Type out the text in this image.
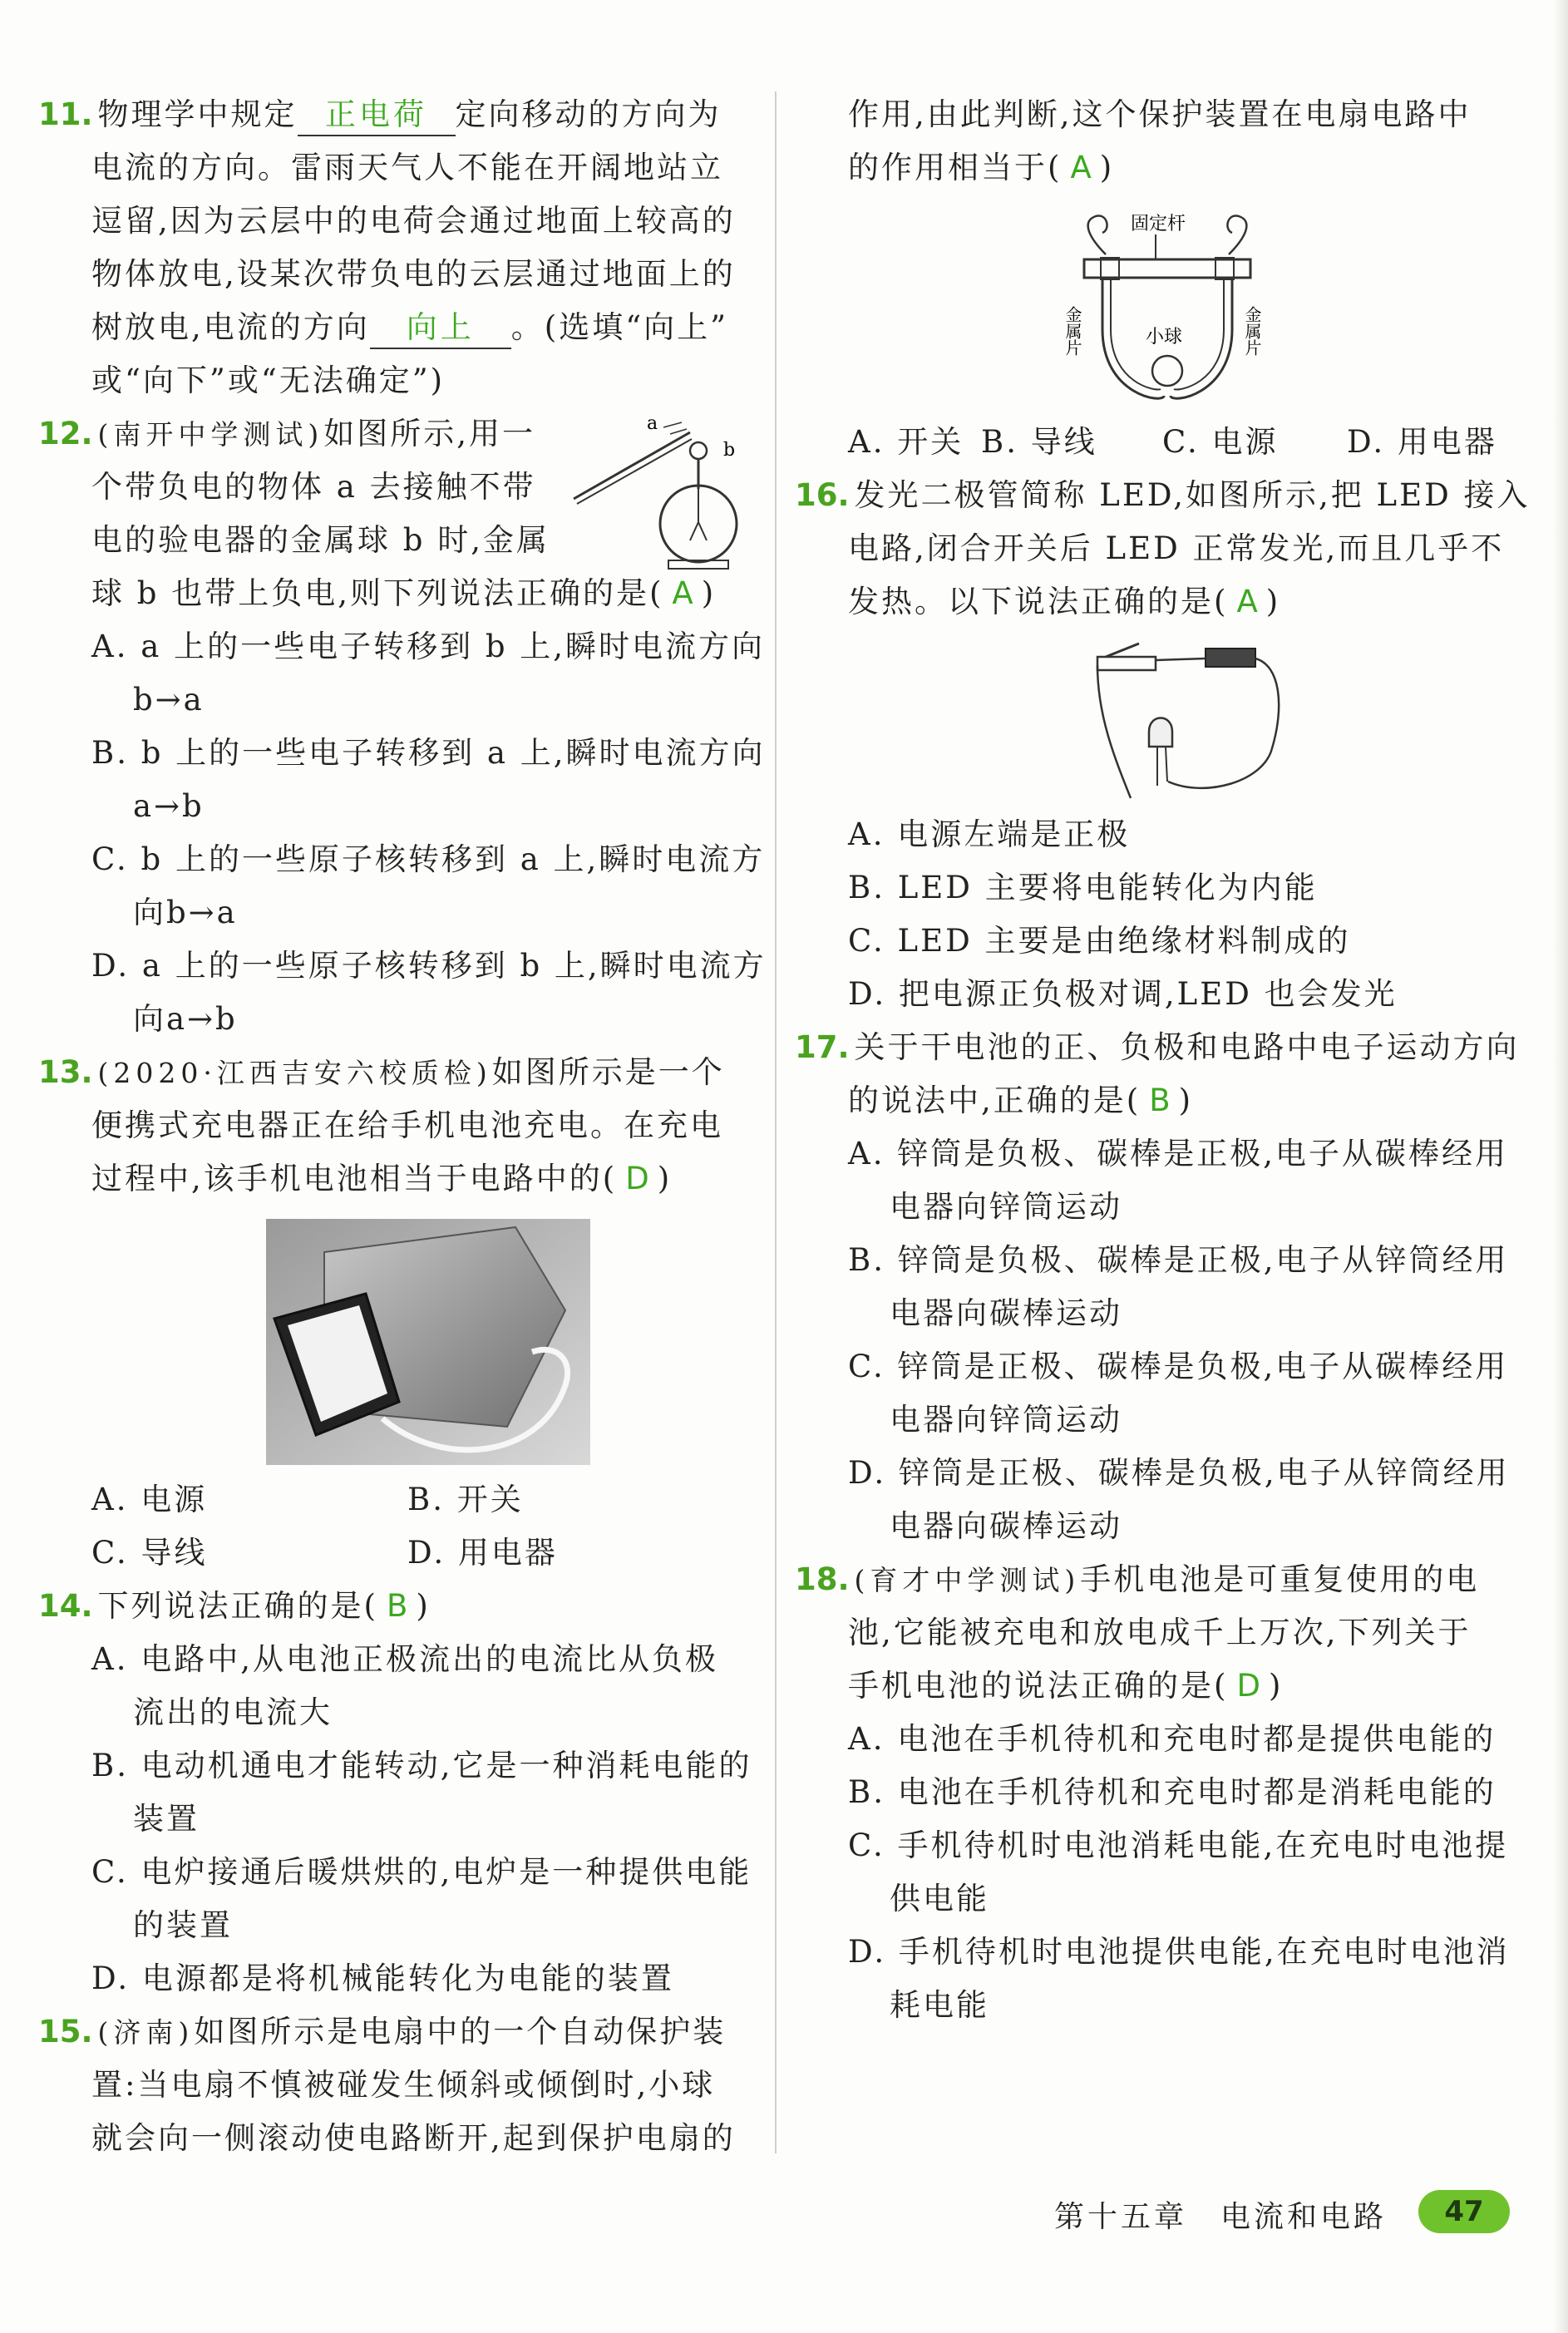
11. 物理学中规定 正电荷 定向移动的方向为
电流的方向。雷雨天气人不能在开阔地站立
逗留,因为云层中的电荷会通过地面上较高的
物体放电,设某次带负电的云层通过地面上的
树放电,电流的方向 向上 。(选填“向上”
或“向下”或“无法确定”)
12. (南开中学测试)如图所示,用一
个带负电的物体 a 去接触不带
电的验电器的金属球 b 时,金属
球 b 也带上负电,则下列说法正确的是( A )
a
b
A. a 上的一些电子转移到 b 上,瞬时电流方向
b→a
B. b 上的一些电子转移到 a 上,瞬时电流方向
a→b
C. b 上的一些原子核转移到 a 上,瞬时电流方
向b→a
D. a 上的一些原子核转移到 b 上,瞬时电流方
向a→b
13. (2020·江西吉安六校质检)如图所示是一个
便携式充电器正在给手机电池充电。在充电
过程中,该手机电池相当于电路中的( D )
A. 电源	B. 开关
C. 导线	D. 用电器
14. 下列说法正确的是( B )
A. 电路中,从电池正极流出的电流比从负极
流出的电流大
B. 电动机通电才能转动,它是一种消耗电能的
装置
C. 电炉接通后暖烘烘的,电炉是一种提供电能
的装置
D. 电源都是将机械能转化为电能的装置
15. (济南)如图所示是电扇中的一个自动保护装
置:当电扇不慎被碰发生倾斜或倾倒时,小球
就会向一侧滚动使电路断开,起到保护电扇的
作用,由此判断,这个保护装置在电扇电路中
的作用相当于( A )
固定杆
小球
金属片	金属片
A. 开关 B. 导线 C. 电源 D. 用电器
16. 发光二极管简称 LED,如图所示,把 LED 接入
电路,闭合开关后 LED 正常发光,而且几乎不
发热。以下说法正确的是( A )
A. 电源左端是正极
B. LED 主要将电能转化为内能
C. LED 主要是由绝缘材料制成的
D. 把电源正负极对调,LED 也会发光
17. 关于干电池的正、负极和电路中电子运动方向
的说法中,正确的是( B )
A. 锌筒是负极、碳棒是正极,电子从碳棒经用
电器向锌筒运动
B. 锌筒是负极、碳棒是正极,电子从锌筒经用
电器向碳棒运动
C. 锌筒是正极、碳棒是负极,电子从碳棒经用
电器向锌筒运动
D. 锌筒是正极、碳棒是负极,电子从锌筒经用
电器向碳棒运动
18. (育才中学测试)手机电池是可重复使用的电
池,它能被充电和放电成千上万次,下列关于
手机电池的说法正确的是( D )
A. 电池在手机待机和充电时都是提供电能的
B. 电池在手机待机和充电时都是消耗电能的
C. 手机待机时电池消耗电能,在充电时电池提
供电能
D. 手机待机时电池提供电能,在充电时电池消
耗电能
第十五章　电流和电路	47
